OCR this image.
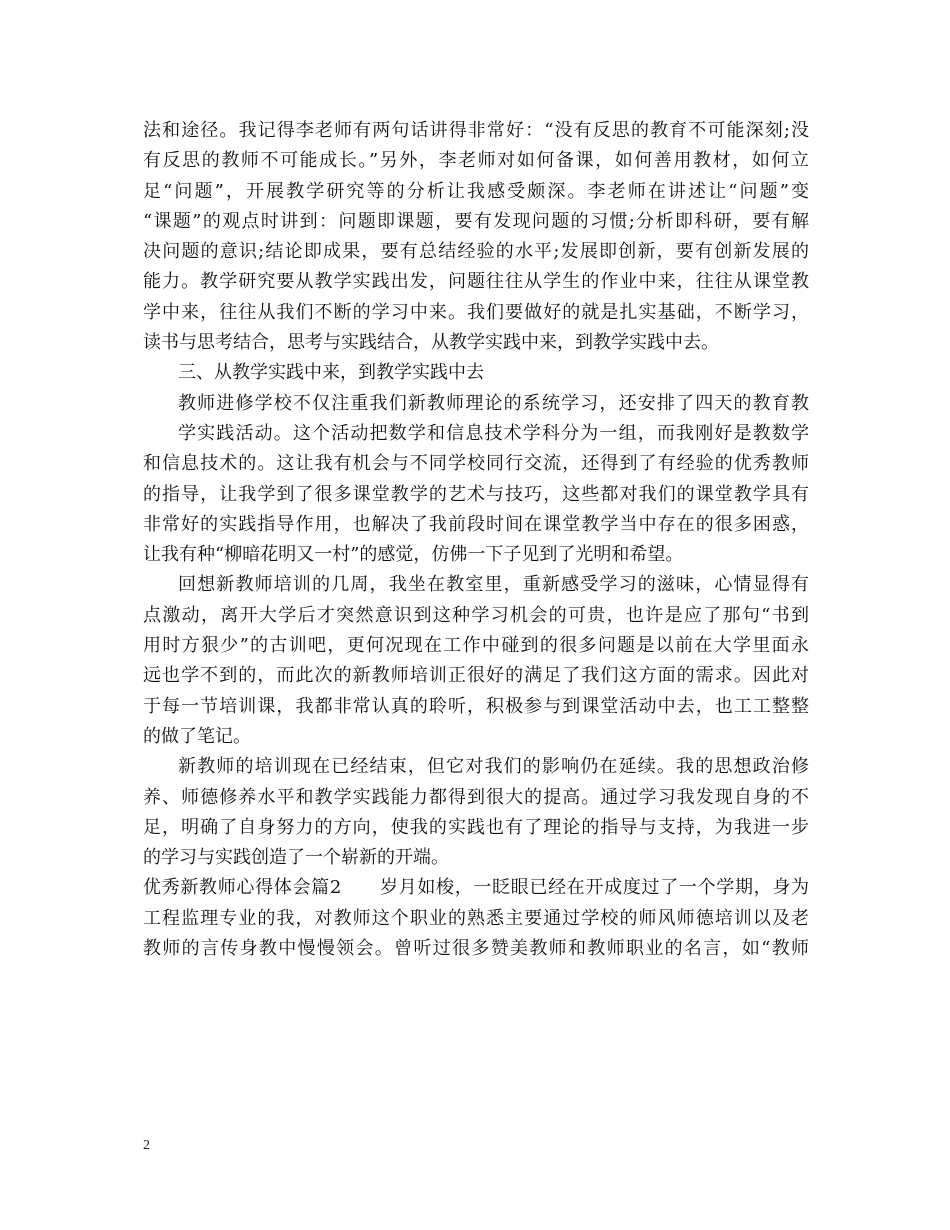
法和途径。我记得李老师有两句话讲得非常好：“没有反思的教育不可能深刻;没
有反思的教师不可能成长。”另外，李老师对如何备课，如何善用教材，如何立
足“问题”，开展教学研究等的分析让我感受颇深。李老师在讲述让“问题”变
“课题”的观点时讲到：问题即课题，要有发现问题的习惯;分析即科研，要有解
决问题的意识;结论即成果，要有总结经验的水平;发展即创新，要有创新发展的
能力。教学研究要从教学实践出发，问题往往从学生的作业中来，往往从课堂教
学中来，往往从我们不断的学习中来。我们要做好的就是扎实基础，不断学习，
读书与思考结合，思考与实践结合，从教学实践中来，到教学实践中去。
三、从教学实践中来，到教学实践中去
教师进修学校不仅注重我们新教师理论的系统学习，还安排了四天的教育教
学实践活动。这个活动把数学和信息技术学科分为一组，而我刚好是教数学
和信息技术的。这让我有机会与不同学校同行交流，还得到了有经验的优秀教师
的指导，让我学到了很多课堂教学的艺术与技巧，这些都对我们的课堂教学具有
非常好的实践指导作用，也解决了我前段时间在课堂教学当中存在的很多困惑，
让我有种“柳暗花明又一村”的感觉，仿佛一下子见到了光明和希望。
回想新教师培训的几周，我坐在教室里，重新感受学习的滋味，心情显得有
点激动，离开大学后才突然意识到这种学习机会的可贵，也许是应了那句“书到
用时方狠少”的古训吧，更何况现在工作中碰到的很多问题是以前在大学里面永
远也学不到的，而此次的新教师培训正很好的满足了我们这方面的需求。因此对
于每一节培训课，我都非常认真的聆听，积极参与到课堂活动中去，也工工整整
的做了笔记。
新教师的培训现在已经结束，但它对我们的影响仍在延续。我的思想政治修
养、师德修养水平和教学实践能力都得到很大的提高。通过学习我发现自身的不
足，明确了自身努力的方向，使我的实践也有了理论的指导与支持，为我进一步
的学习与实践创造了一个崭新的开端。
优秀新教师心得体会篇2 岁月如梭，一眨眼已经在开成度过了一个学期，身为
工程监理专业的我，对教师这个职业的熟悉主要通过学校的师风师德培训以及老
教师的言传身教中慢慢领会。曾听过很多赞美教师和教师职业的名言，如“教师
2
